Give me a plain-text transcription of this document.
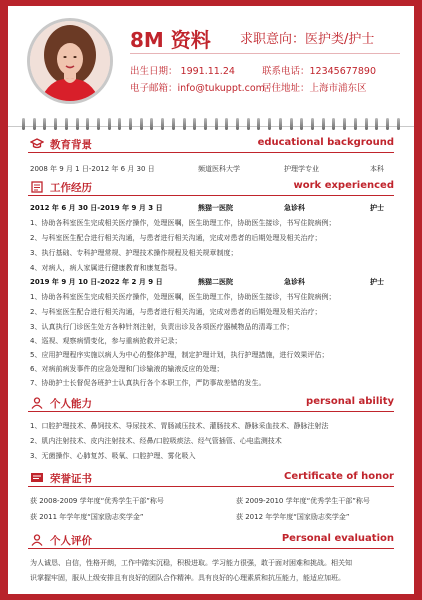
8M 资料 求职意向：医护类/护士
出生日期： 1991.11.24
电子邮箱：info@tukuppt.com
联系电话：12345677890
居住地址：上海市浦东区
教育背景	educational background
2008 年 9 月 1 日-2012 年 6 月 30 日	频道医科大学	护理学专业	本科
工作经历	work experienced
2012 年 6 月 30 日-2019 年 9 月 3 日	熊猫一医院	急诊科	护士
1、协助各科室医生完成相关医疗操作，处理医嘱，医生助理工作，协助医生接诊，书写住院病例；
2、与科室医生配合进行相关沟通，与患者进行相关沟通，完成对患者的后期处理及相关治疗；
3、执行基础、专科护理常规、护理技术操作规程及相关规章制度；
4、对病人，病人家属进行健康教育和康复指导。
2019 年 9 月 10 日-2022 年 2 月 9 日	熊猫二医院	急诊科	护士
1、协助各科室医生完成相关医疗操作，处理医嘱，医生助理工作，协助医生接诊，书写住院病例；
2、与科室医生配合进行相关沟通，与患者进行相关沟通，完成对患者的后期处理及相关治疗；
3、认真执行门诊医生处方各种针剂注射，负责出诊及各项医疗器械物品的清毒工作；
4、巡视、观察病情变化，参与重病抢救并记录；
5、应用护理程序实施以病人为中心的整体护理，制定护理计划，执行护理措施，进行效果评估；
6、对病前病发事件的应急处理和门诊输液的输液反应的处理；
7、协助护士长督促各班护士认真执行各个本职工作，严防事故差错的发生。
个人能力	personal ability
1、口腔护理技术、鼻饲技术、导尿技术、胃肠减压技术、灌肠技术、静脉采血技术、静脉注射法
2、肌内注射技术、皮内注射技术、经鼻/口腔吸痰法、经气管插管、心电监测技术
3、无菌操作、心肺复苏、吸氧、口腔护理、雾化吸入
荣誉证书	Certificate of honor
获 2008-2009 学年度“优秀学生干部”称号	获 2009-2010 学年度“优秀学生干部”称号
获 2011 年学年度“国家励志奖学金”	获 2012 年学年度“国家励志奖学金”
个人评价	Personal evaluation
为人诚恳、自信，性格开朗，工作中踏实沉稳，积极进取。学习能力很强，敢于面对困难和挑战。相关知
识掌握牢固，服从上级安排且有良好的团队合作精神。具有良好的心理素质和抗压能力，能适应加班。
